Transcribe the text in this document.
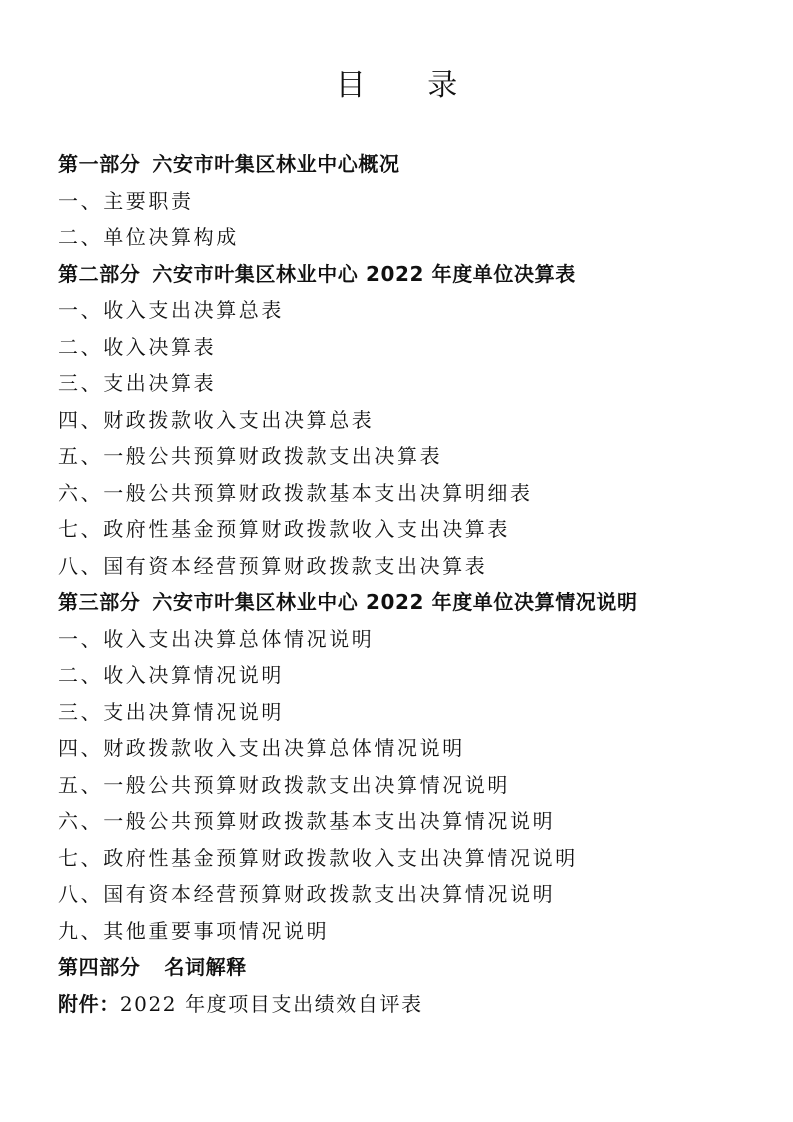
目 录
第一部分 六安市叶集区林业中心概况
一、主要职责
二、单位决算构成
第二部分 六安市叶集区林业中心 2022 年度单位决算表
一、收入支出决算总表
二、收入决算表
三、支出决算表
四、财政拨款收入支出决算总表
五、一般公共预算财政拨款支出决算表
六、一般公共预算财政拨款基本支出决算明细表
七、政府性基金预算财政拨款收入支出决算表
八、国有资本经营预算财政拨款支出决算表
第三部分 六安市叶集区林业中心 2022 年度单位决算情况说明
一、收入支出决算总体情况说明
二、收入决算情况说明
三、支出决算情况说明
四、财政拨款收入支出决算总体情况说明
五、一般公共预算财政拨款支出决算情况说明
六、一般公共预算财政拨款基本支出决算情况说明
七、政府性基金预算财政拨款收入支出决算情况说明
八、国有资本经营预算财政拨款支出决算情况说明
九、其他重要事项情况说明
第四部分 名词解释
附件：2022 年度项目支出绩效自评表
